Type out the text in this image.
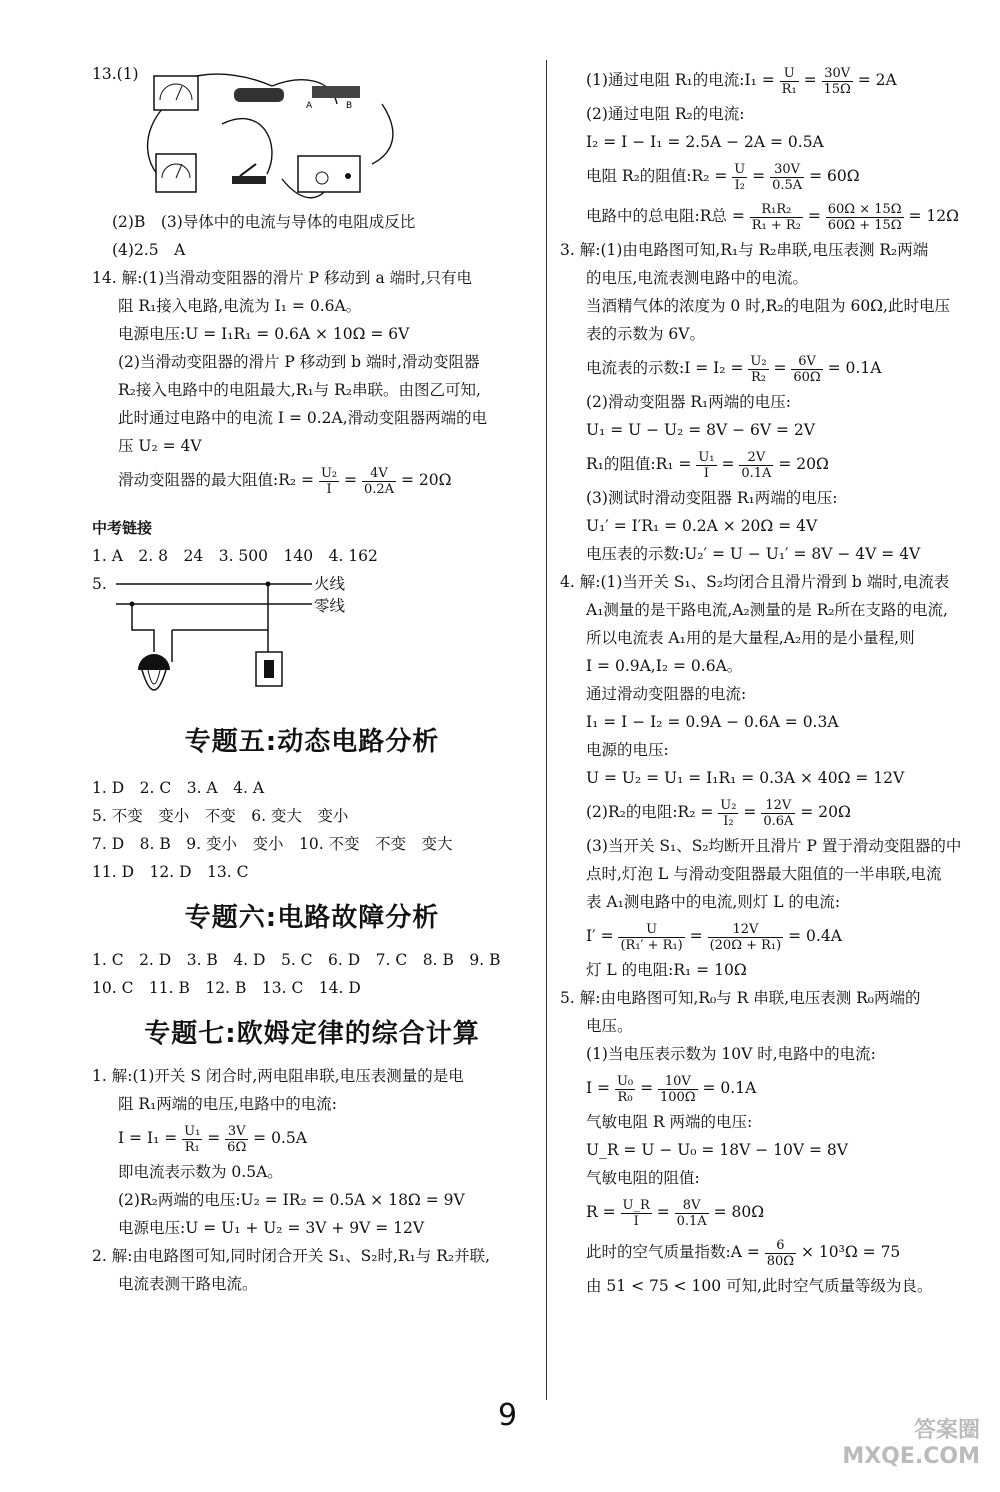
13.(1)
A	B
(2)B　(3)导体中的电流与导体的电阻成反比
(4)2.5　A
14. 解:(1)当滑动变阻器的滑片 P 移动到 a 端时,只有电
阻 R₁接入电路,电流为 I₁ = 0.6A。
电源电压:U = I₁R₁ = 0.6A × 10Ω = 6V
(2)当滑动变阻器的滑片 P 移动到 b 端时,滑动变阻器
R₂接入电路中的电阻最大,R₁与 R₂串联。由图乙可知,
此时通过电路中的电流 I = 0.2A,滑动变阻器两端的电
压 U₂ = 4V
滑动变阻器的最大阻值:R₂ = $\frac{\text{U₂}}{I} = \frac{4V}{0.2A} = 20\Omega$
中考链接
1. A　2. 8　24　3. 500　140　4. 162
5.	火线
零线
专题五:动态电路分析
1. D　2. C　3. A　4. A
5. 不变　变小　不变　6. 变大　变小
7. D　8. B　9. 变小　变小　10. 不变　不变　变大
11. D　12. D　13. C
专题六:电路故障分析
1. C　2. D　3. B　4. D　5. C　6. D　7. C　8. B　9. B
10. C　11. B　12. B　13. C　14. D
专题七:欧姆定律的综合计算
1. 解:(1)开关 S 闭合时,两电阻串联,电压表测量的是电
阻 R₁两端的电压,电路中的电流:
$I = I_1 = \frac{\text{U₁}}{\text{R₁}} = \frac{3V}{6\Omega} = 0.5A$
即电流表示数为 0.5A。
(2)R₂两端的电压:U₂ = IR₂ = 0.5A × 18Ω = 9V
电源电压:U = U₁ + U₂ = 3V + 9V = 12V
2. 解:由电路图可知,同时闭合开关 S₁、S₂时,R₁与 R₂并联,
电流表测干路电流。
(1)通过电阻 R₁的电流:I₁ = $\frac{U}{\text{R₁}} = \frac{30V}{15\Omega} = 2A$
(2)通过电阻 R₂的电流:
I₂ = I − I₁ = 2.5A − 2A = 0.5A
电阻 R₂的阻值:R₂ = $\frac{U}{\text{I₂}} = \frac{30V}{0.5A} = 60\Omega$
电路中的总电阻:R总 = $\frac{\text{R₁R₂}}{\text{R₁ + R₂}} = \frac{60\Omega \times 15\Omega}{60\Omega + 15\Omega} = 12\Omega$
3. 解:(1)由电路图可知,R₁与 R₂串联,电压表测 R₂两端
的电压,电流表测电路中的电流。
当酒精气体的浓度为 0 时,R₂的电阻为 60Ω,此时电压
表的示数为 6V。
电流表的示数:I = $I_2 = \frac{\text{U₂}}{\text{R₂}} = \frac{6V}{60\Omega} = 0.1A$
(2)滑动变阻器 R₁两端的电压:
U₁ = U − U₂ = 8V − 6V = 2V
R₁的阻值:R₁ = $\frac{\text{U₁}}{I} = \frac{2V}{0.1A} = 20\Omega$
(3)测试时滑动变阻器 R₁两端的电压:
U₁′ = I′R₁ = 0.2A × 20Ω = 4V
电压表的示数:U₂′ = U − U₁′ = 8V − 4V = 4V
4. 解:(1)当开关 S₁、S₂均闭合且滑片滑到 b 端时,电流表
A₁测量的是干路电流,A₂测量的是 R₂所在支路的电流,
所以电流表 A₁用的是大量程,A₂用的是小量程,则
I = 0.9A,I₂ = 0.6A。
通过滑动变阻器的电流:
I₁ = I − I₂ = 0.9A − 0.6A = 0.3A
电源的电压:
U = U₂ = U₁ = I₁R₁ = 0.3A × 40Ω = 12V
(2)R₂的电阻:R₂ = $\frac{\text{U₂}}{\text{I₂}} = \frac{12V}{0.6A} = 20\Omega$
(3)当开关 S₁、S₂均断开且滑片 P 置于滑动变阻器的中
点时,灯泡 L 与滑动变阻器最大阻值的一半串联,电流
表 A₁测电路中的电流,则灯 L 的电流:
$I' = \frac{U}{\text{(R₁′ + R₁)}} = \frac{12V}{\text{(20Ω + R₁)}} = 0.4A$
灯 L 的电阻:R₁ = 10Ω
5. 解:由电路图可知,R₀与 R 串联,电压表测 R₀两端的
电压。
(1)当电压表示数为 10V 时,电路中的电流:
$I = \frac{\text{U₀}}{\text{R₀}} = \frac{10V}{100\Omega} = 0.1A$
气敏电阻 R 两端的电压:
U_R = U − U₀ = 18V − 10V = 8V
气敏电阻的阻值:
$R = \frac{U\_R}{I} = \frac{8V}{0.1A} = 80\Omega$
此时的空气质量指数:A = $\frac{6}{80\Omega} \times 10^3\Omega = 75$
由 51 < 75 < 100 可知,此时空气质量等级为良。
9	答案圈
MXQE.COM
